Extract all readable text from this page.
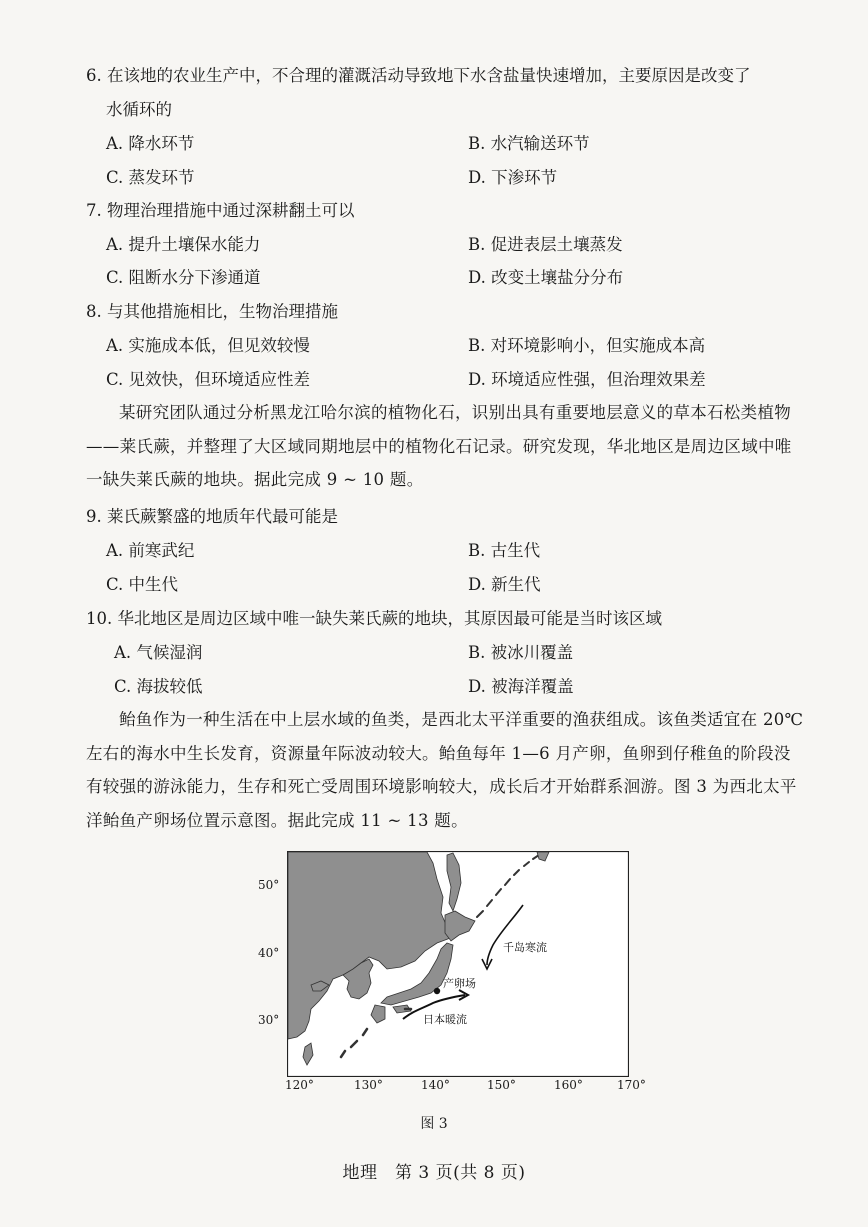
6. 在该地的农业生产中，不合理的灌溉活动导致地下水含盐量快速增加，主要原因是改变了
水循环的
A. 降水环节	B. 水汽输送环节
C. 蒸发环节	D. 下渗环节
7. 物理治理措施中通过深耕翻土可以
A. 提升土壤保水能力	B. 促进表层土壤蒸发
C. 阻断水分下渗通道	D. 改变土壤盐分分布
8. 与其他措施相比，生物治理措施
A. 实施成本低，但见效较慢	B. 对环境影响小，但实施成本高
C. 见效快，但环境适应性差	D. 环境适应性强，但治理效果差
某研究团队通过分析黑龙江哈尔滨的植物化石，识别出具有重要地层意义的草本石松类植物——莱氏蕨，并整理了大区域同期地层中的植物化石记录。研究发现，华北地区是周边区域中唯一缺失莱氏蕨的地块。据此完成 9 ~ 10 题。
9. 莱氏蕨繁盛的地质年代最可能是
A. 前寒武纪	B. 古生代
C. 中生代	D. 新生代
10. 华北地区是周边区域中唯一缺失莱氏蕨的地块，其原因最可能是当时该区域
A. 气候湿润	B. 被冰川覆盖
C. 海拔较低	D. 被海洋覆盖
鲐鱼作为一种生活在中上层水域的鱼类，是西北太平洋重要的渔获组成。该鱼类适宜在 20℃左右的海水中生长发育，资源量年际波动较大。鲐鱼每年 1—6 月产卵，鱼卵到仔稚鱼的阶段没有较强的游泳能力，生存和死亡受周围环境影响较大，成长后才开始群系洄游。图 3 为西北太平洋鲐鱼产卵场位置示意图。据此完成 11 ~ 13 题。
千岛寒流
产卵场
日本暖流
50°
40°
30°
120°	130°	140°	150°	160°	170°
图 3
地理　第 3 页(共 8 页)
